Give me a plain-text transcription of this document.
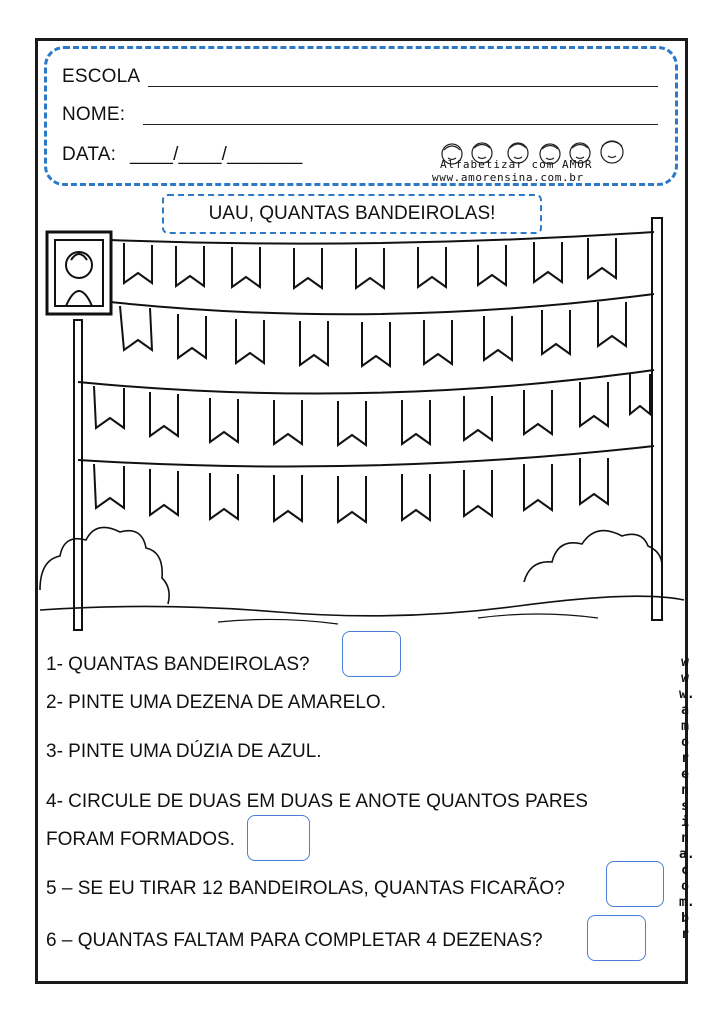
ESCOLA
NOME:
DATA: ____/____/_______	Alfabetizar com AMOR
www.amorensina.com.br
UAU, QUANTAS BANDEIROLAS!
1- QUANTAS BANDEIROLAS?
2- PINTE UMA DEZENA DE AMARELO.
3- PINTE UMA DÚZIA DE AZUL.
4- CIRCULE DE DUAS EM DUAS E ANOTE QUANTOS PARES
FORAM FORMADOS.
5 – SE EU TIRAR 12 BANDEIROLAS, QUANTAS FICARÃO?
6 – QUANTAS FALTAM PARA COMPLETAR 4 DEZENAS?
www.amorensina.com.br
